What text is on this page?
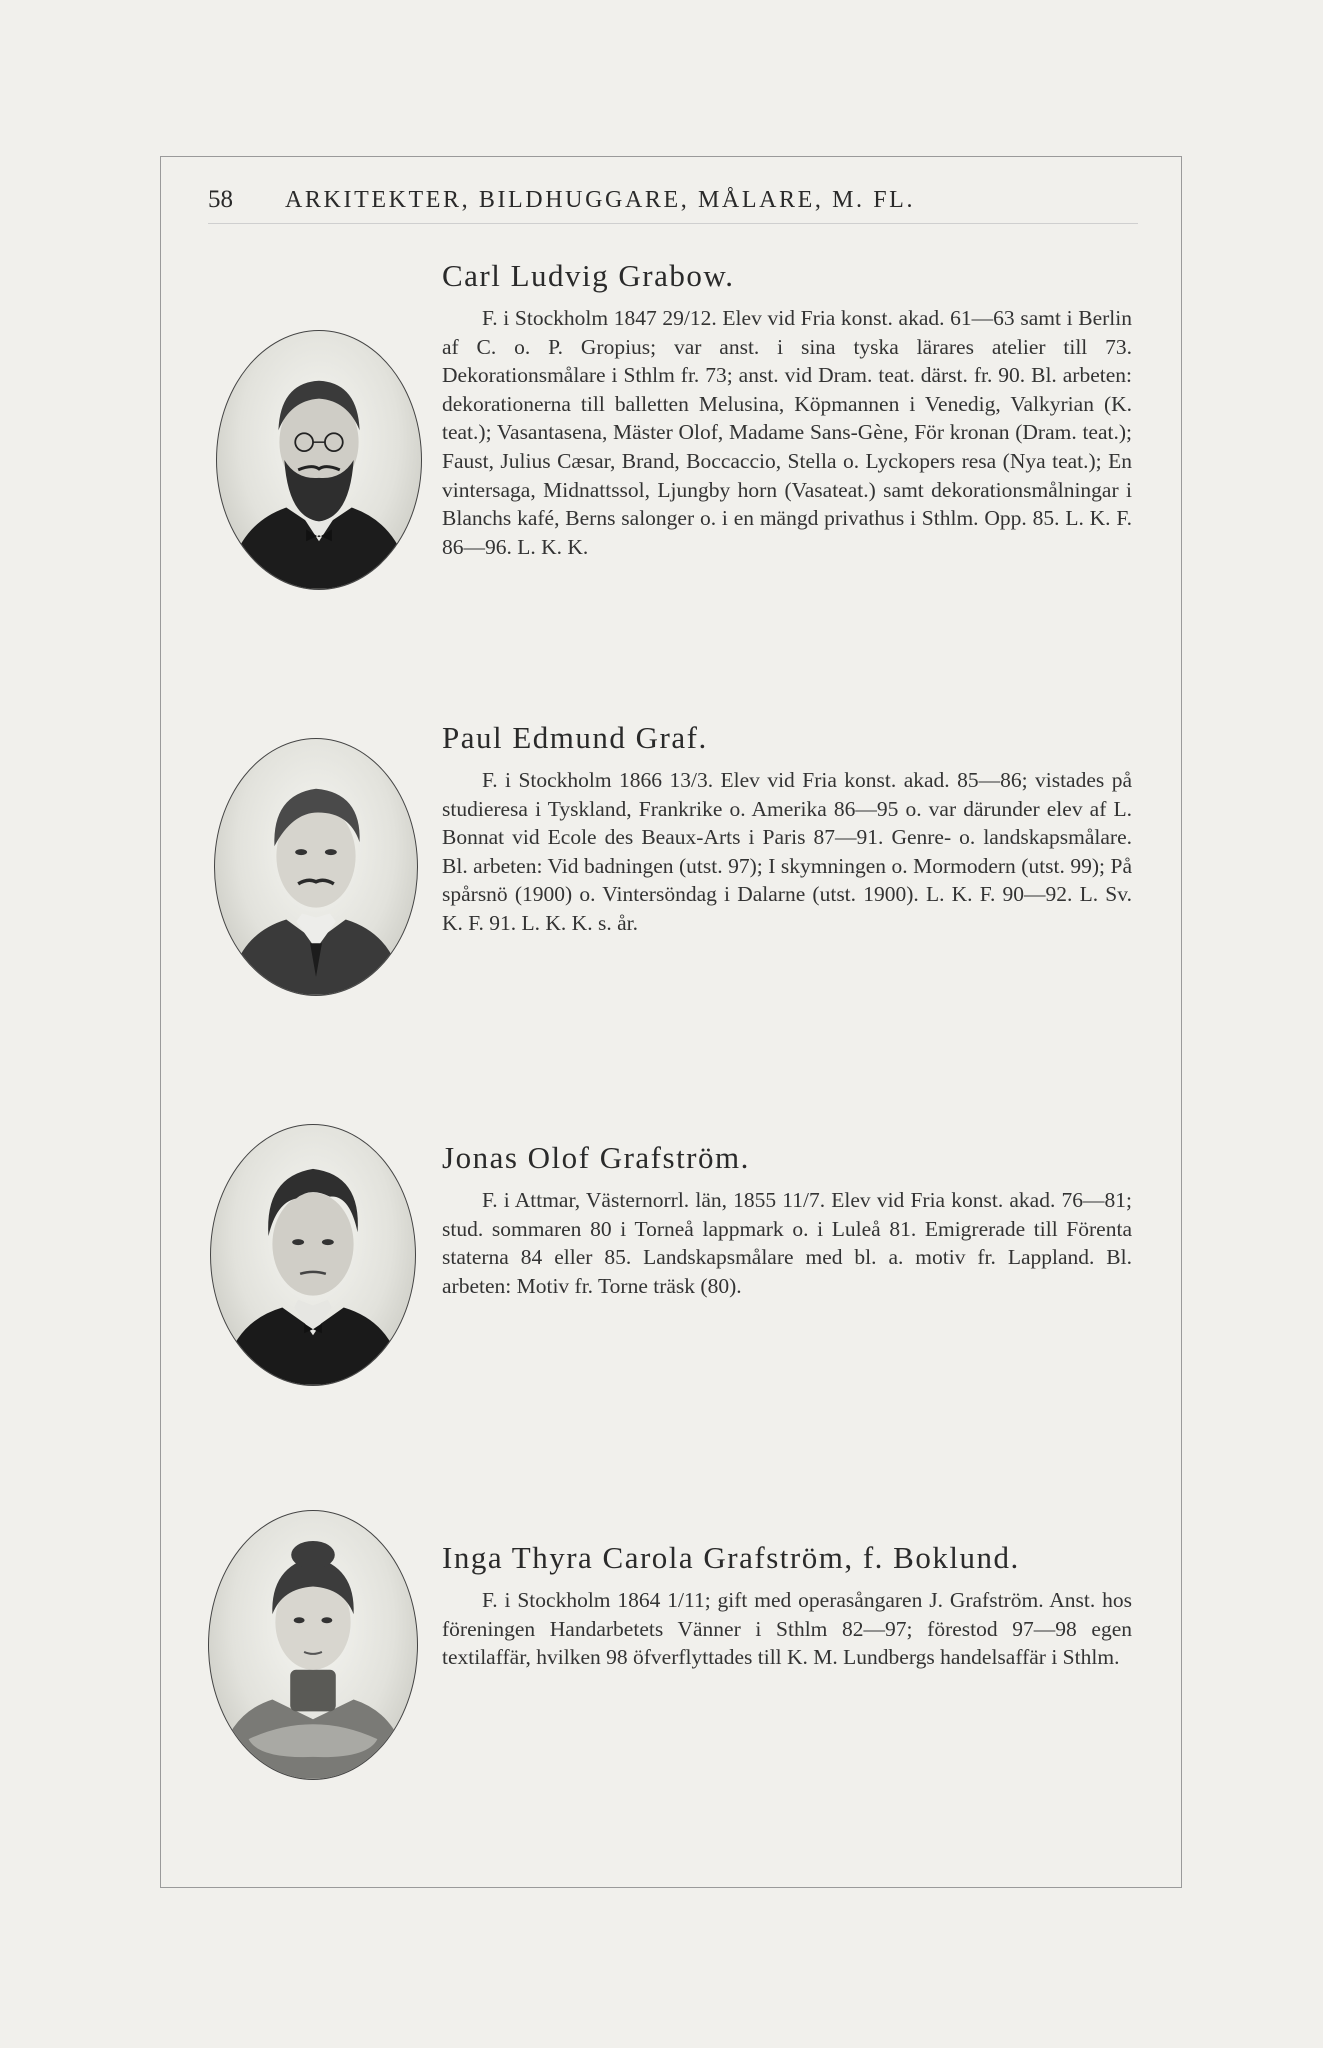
58 ARKITEKTER, BILDHUGGARE, MÅLARE, M. FL.
Carl Ludvig Grabow.

F. i Stockholm 1847 29/12. Elev vid Fria konst. akad. 61—63 samt i Berlin af C. o. P. Gropius; var anst. i sina tyska lärares atelier till 73. Dekorationsmålare i Sthlm fr. 73; anst. vid Dram. teat. därst. fr. 90. Bl. arbeten: dekorationerna till balletten Melusina, Köpmannen i Venedig, Valkyrian (K. teat.); Vasantasena, Mäster Olof, Madame Sans-Gène, För kronan (Dram. teat.); Faust, Julius Cæsar, Brand, Boccaccio, Stella o. Lyckopers resa (Nya teat.); En vintersaga, Midnattssol, Ljungby horn (Vasateat.) samt dekorationsmålningar i Blanchs kafé, Berns salonger o. i en mängd privathus i Sthlm. Opp. 85. L. K. F. 86—96. L. K. K.

Paul Edmund Graf.

F. i Stockholm 1866 13/3. Elev vid Fria konst. akad. 85—86; vistades på studieresa i Tyskland, Frankrike o. Amerika 86—95 o. var därunder elev af L. Bonnat vid Ecole des Beaux-Arts i Paris 87—91. Genre- o. landskapsmålare. Bl. arbeten: Vid badningen (utst. 97); I skymningen o. Mormodern (utst. 99); På spårsnö (1900) o. Vintersöndag i Dalarne (utst. 1900). L. K. F. 90—92. L. Sv. K. F. 91. L. K. K. s. år.

Jonas Olof Grafström.

F. i Attmar, Västernorrl. län, 1855 11/7. Elev vid Fria konst. akad. 76—81; stud. sommaren 80 i Torneå lappmark o. i Luleå 81. Emigrerade till Förenta staterna 84 eller 85. Landskapsmålare med bl. a. motiv fr. Lappland. Bl. arbeten: Motiv fr. Torne träsk (80).

Inga Thyra Carola Grafström, f. Boklund.

F. i Stockholm 1864 1/11; gift med operasångaren J. Grafström. Anst. hos föreningen Handarbetets Vänner i Sthlm 82—97; förestod 97—98 egen textilaffär, hvilken 98 öfverflyttades till K. M. Lundbergs handelsaffär i Sthlm.
